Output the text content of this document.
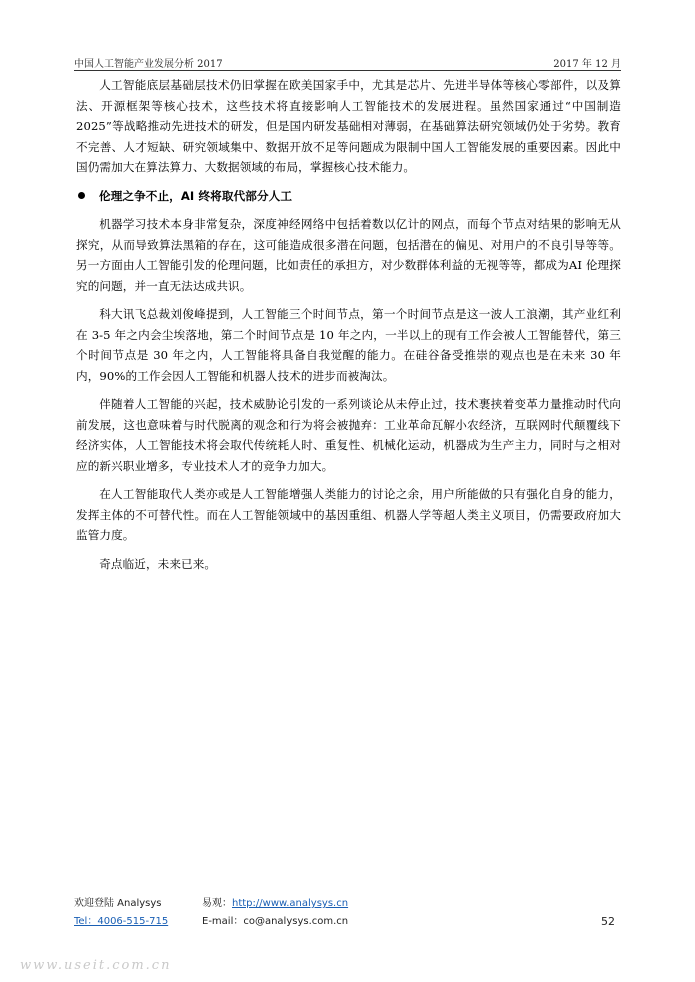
中国人工智能产业发展分析 2017	2017 年 12 月

人工智能底层基础层技术仍旧掌握在欧美国家手中，尤其是芯片、先进半导体等核心零部件，以及算法、开源框架等核心技术，这些技术将直接影响人工智能技术的发展进程。虽然国家通过“中国制造2025”等战略推动先进技术的研发，但是国内研发基础相对薄弱，在基础算法研究领域仍处于劣势。教育不完善、人才短缺、研究领域集中、数据开放不足等问题成为限制中国人工智能发展的重要因素。因此中国仍需加大在算法算力、大数据领域的布局，掌握核心技术能力。

伦理之争不止，AI 终将取代部分人工

机器学习技术本身非常复杂，深度神经网络中包括着数以亿计的网点，而每个节点对结果的影响无从探究，从而导致算法黑箱的存在，这可能造成很多潜在问题，包括潜在的偏见、对用户的不良引导等等。另一方面由人工智能引发的伦理问题，比如责任的承担方，对少数群体利益的无视等等，都成为AI 伦理探究的问题，并一直无法达成共识。

科大讯飞总裁刘俊峰提到，人工智能三个时间节点，第一个时间节点是这一波人工浪潮，其产业红利在 3-5 年之内会尘埃落地，第二个时间节点是 10 年之内，一半以上的现有工作会被人工智能替代，第三个时间节点是 30 年之内，人工智能将具备自我觉醒的能力。在硅谷备受推崇的观点也是在未来 30 年内，90%的工作会因人工智能和机器人技术的进步而被淘汰。

伴随着人工智能的兴起，技术威胁论引发的一系列谈论从未停止过，技术裹挟着变革力量推动时代向前发展，这也意味着与时代脱离的观念和行为将会被抛弃：工业革命瓦解小农经济，互联网时代颠覆线下经济实体，人工智能技术将会取代传统耗人时、重复性、机械化运动，机器成为生产主力，同时与之相对应的新兴职业增多，专业技术人才的竞争力加大。

在人工智能取代人类亦或是人工智能增强人类能力的讨论之余，用户所能做的只有强化自身的能力，发挥主体的不可替代性。而在人工智能领域中的基因重组、机器人学等超人类主义项目，仍需要政府加大监管力度。

奇点临近，未来已来。

欢迎登陆 Analysys	易观：http://www.analysys.cn
Tel：4006-515-715	E-mail：co@analysys.com.cn	52
www.useit.com.cn
